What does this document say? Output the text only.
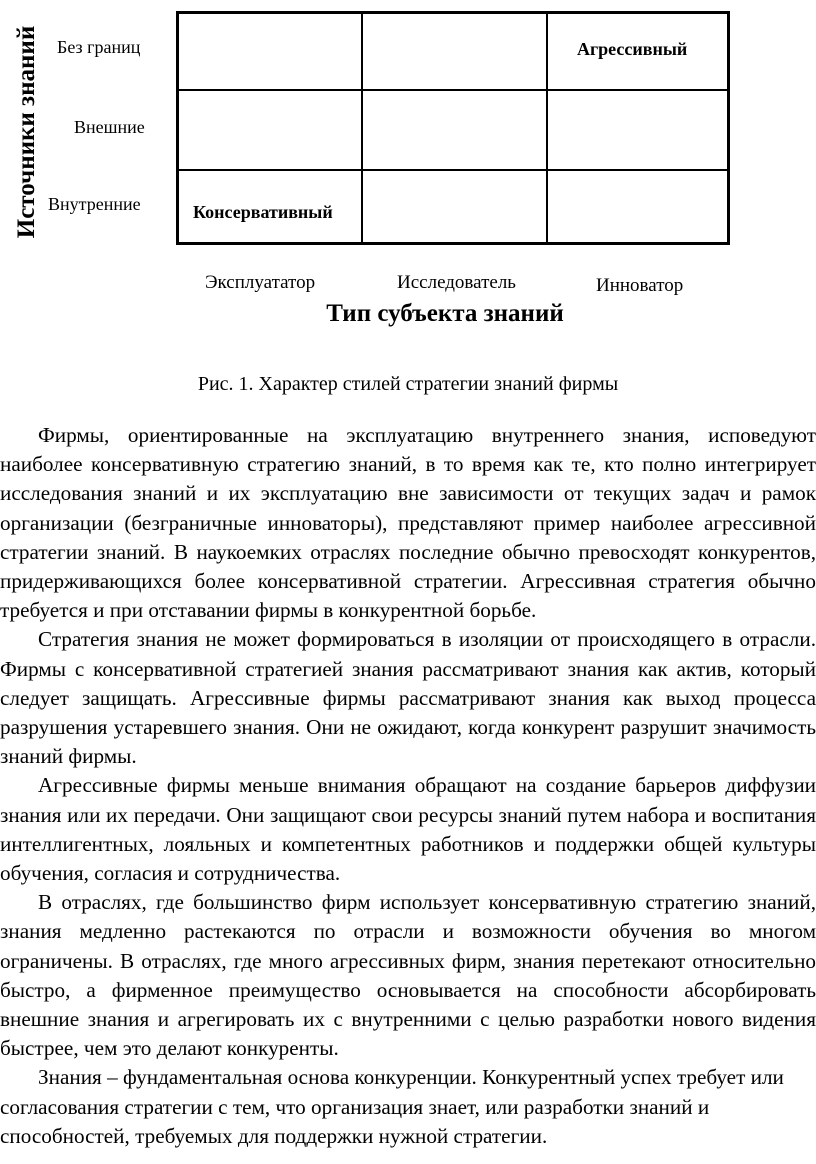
Источники знаний Без границ
Внешние
Внутренние
Агрессивный
Консервативный
Эксплуататор	Исследователь	Инноватор
Тип субъекта знаний
Рис. 1. Характер стилей стратегии знаний фирмы

Фирмы, ориентированные на эксплуатацию внутреннего знания, исповедуют наиболее консервативную стратегию знаний, в то время как те, кто полно интегрирует исследования знаний и их эксплуатацию вне зависимости от текущих задач и рамок организации (безграничные инноваторы), представляют пример наиболее агрессивной стратегии знаний. В наукоемких отраслях последние обычно превосходят конкурентов, придерживающихся более консервативной стратегии. Агрессивная стратегия обычно требуется и при отставании фирмы в конкурентной борьбе.

Стратегия знания не может формироваться в изоляции от происходящего в отрасли. Фирмы с консервативной стратегией знания рассматривают знания как актив, который следует защищать. Агрессивные фирмы рассматривают знания как выход процесса разрушения устаревшего знания. Они не ожидают, когда конкурент разрушит значимость знаний фирмы.

Агрессивные фирмы меньше внимания обращают на создание барьеров диффузии знания или их передачи. Они защищают свои ресурсы знаний путем набора и воспитания интеллигентных, лояльных и компетентных работников и поддержки общей культуры обучения, согласия и сотрудничества.

В отраслях, где большинство фирм использует консервативную стратегию знаний, знания медленно растекаются по отрасли и возможности обучения во многом ограничены. В отраслях, где много агрессивных фирм, знания перетекают относительно быстро, а фирменное преимущество основывается на способности абсорбировать внешние знания и агрегировать их с внутренними с целью разработки нового видения быстрее, чем это делают конкуренты.

Знания – фундаментальная основа конкуренции. Конкурентный успех требует или согласования стратегии с тем, что организация знает, или разработки знаний и способностей, требуемых для поддержки нужной стратегии.
